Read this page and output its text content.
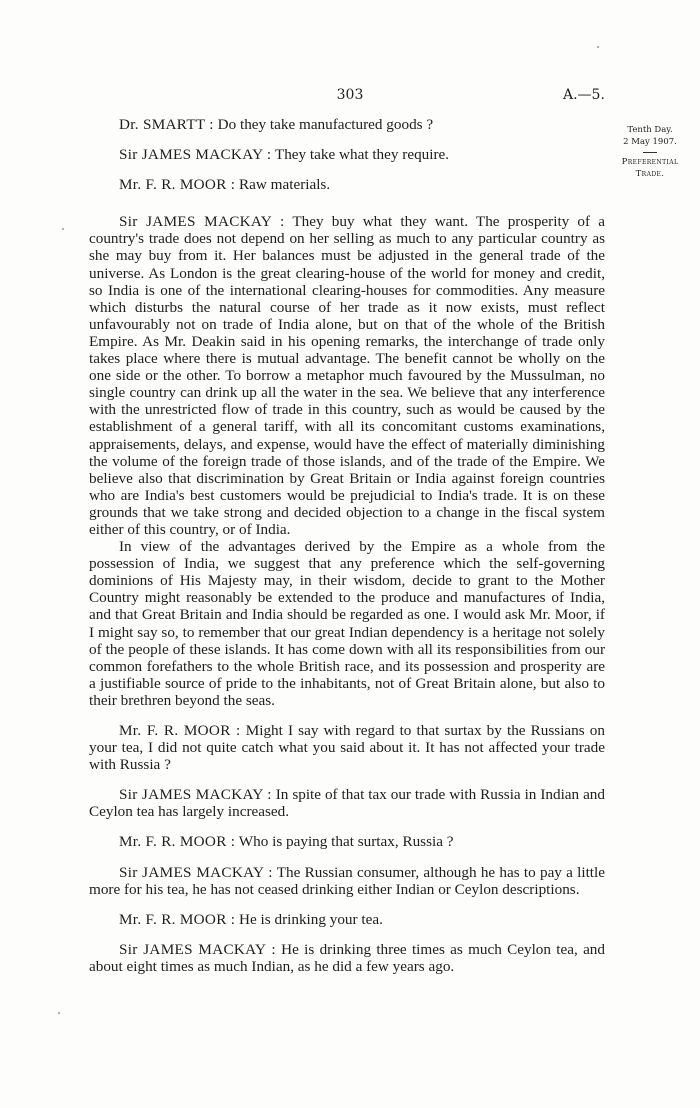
303	A.—5.
Tenth Day.
2 May 1907.
Preferential
Trade.

Dr. SMARTT : Do they take manufactured goods ?

Sir JAMES MACKAY : They take what they require.

Mr. F. R. MOOR : Raw materials.

Sir JAMES MACKAY : They buy what they want. The prosperity of a country's trade does not depend on her selling as much to any particular country as she may buy from it. Her balances must be adjusted in the general trade of the universe. As London is the great clearing-house of the world for money and credit, so India is one of the international clearing-houses for commodities. Any measure which disturbs the natural course of her trade as it now exists, must reflect unfavourably not on trade of India alone, but on that of the whole of the British Empire. As Mr. Deakin said in his opening remarks, the interchange of trade only takes place where there is mutual advantage. The benefit cannot be wholly on the one side or the other. To borrow a metaphor much favoured by the Mussulman, no single country can drink up all the water in the sea. We believe that any interference with the unrestricted flow of trade in this country, such as would be caused by the establishment of a general tariff, with all its concomitant customs examinations, appraisements, delays, and expense, would have the effect of materially diminishing the volume of the foreign trade of those islands, and of the trade of the Empire. We believe also that discrimination by Great Britain or India against foreign countries who are India's best customers would be prejudicial to India's trade. It is on these grounds that we take strong and decided objection to a change in the fiscal system either of this country, or of India.

In view of the advantages derived by the Empire as a whole from the possession of India, we suggest that any preference which the self-governing dominions of His Majesty may, in their wisdom, decide to grant to the Mother Country might reasonably be extended to the produce and manufactures of India, and that Great Britain and India should be regarded as one. I would ask Mr. Moor, if I might say so, to remember that our great Indian dependency is a heritage not solely of the people of these islands. It has come down with all its responsibilities from our common forefathers to the whole British race, and its possession and prosperity are a justifiable source of pride to the inhabitants, not of Great Britain alone, but also to their brethren beyond the seas.

Mr. F. R. MOOR : Might I say with regard to that surtax by the Russians on your tea, I did not quite catch what you said about it. It has not affected your trade with Russia ?

Sir JAMES MACKAY : In spite of that tax our trade with Russia in Indian and Ceylon tea has largely increased.

Mr. F. R. MOOR : Who is paying that surtax, Russia ?

Sir JAMES MACKAY : The Russian consumer, although he has to pay a little more for his tea, he has not ceased drinking either Indian or Ceylon descriptions.

Mr. F. R. MOOR : He is drinking your tea.

Sir JAMES MACKAY : He is drinking three times as much Ceylon tea, and about eight times as much Indian, as he did a few years ago.
